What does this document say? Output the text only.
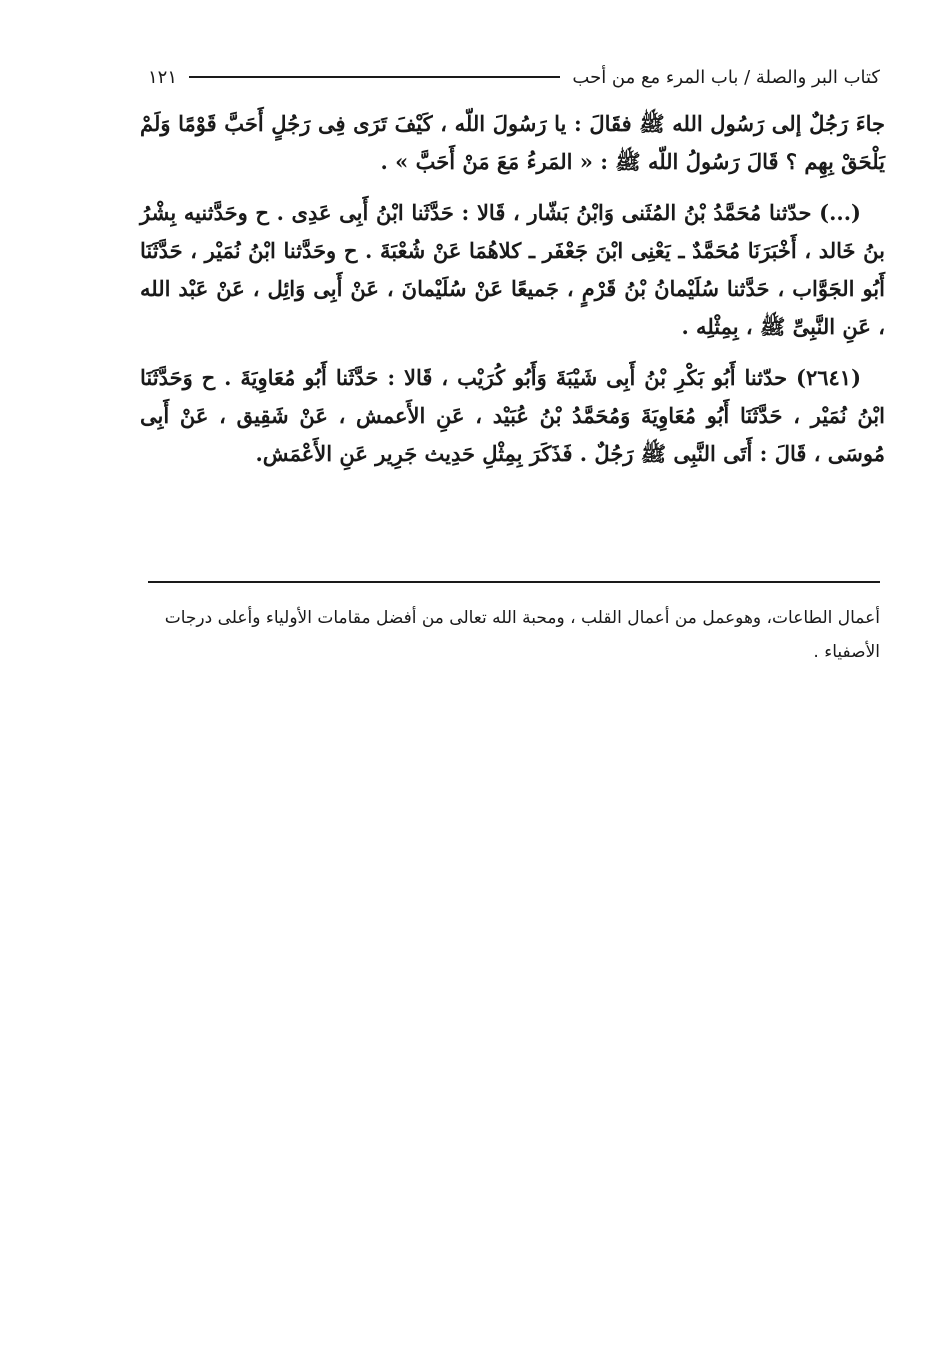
كتاب البر والصلة / باب المرء مع من أحب
١٢١

جاءَ رَجُلٌ إلى رَسُول الله ﷺ فقَالَ : يا رَسُولَ اللّه ، كَيْفَ تَرَى فِى رَجُلٍ أَحَبَّ قَوْمًا وَلَمْ يَلْحَقْ بِهِم ؟ قَالَ رَسُولُ اللّه ﷺ : « المَرءُ مَعَ مَنْ أَحَبَّ » .

(...) حدّثنا مُحَمَّدُ بْنُ المُثَنى وَابْنُ بَشّار ، قَالا : حَدَّثَنا ابْنُ أَبِى عَدِى . ح وحَدَّثنيه بِشْرُ بنُ خَالد ، أَخْبَرَنَا مُحَمَّدٌ ـ يَعْنِى ابْنَ جَعْفَر ـ كلاهُمَا عَنْ شُعْبَةَ . ح وحَدَّثنا ابْنُ نُمَيْر ، حَدَّثَنَا أَبُو الجَوَّاب ، حَدَّثنا سُلَيْمانُ بْنُ قَرْمٍ ، جَميعًا عَنْ سُلَيْمانَ ، عَنْ أَبِى وَائِل ، عَنْ عَبْد الله ، عَنِ النَّبِىِّ ﷺ ، بِمِثْلِه .

(٢٦٤١) حدّثنا أَبُو بَكْرِ بْنُ أَبِى شَيْبَةَ وَأَبُو كُرَيْب ، قَالا : حَدَّثَنا أَبُو مُعَاوِيَةَ . ح وَحَدَّثَنَا ابْنُ نُمَيْر ، حَدَّثَنَا أَبُو مُعَاوِيَةَ وَمُحَمَّدُ بْنُ عُبَيْد ، عَنِ الأَعمش ، عَنْ شَقِيق ، عَنْ أَبِى مُوسَى ، قَالَ : أَتَى النَّبِى ﷺ رَجُلٌ . فَذَكَرَ بِمِثْلِ حَدِيث جَرِير عَنِ الأَعْمَش.

أعمال الطاعات، وهوعمل من أعمال القلب ، ومحبة الله تعالى من أفضل مقامات الأولياء وأعلى درجات الأصفياء .
